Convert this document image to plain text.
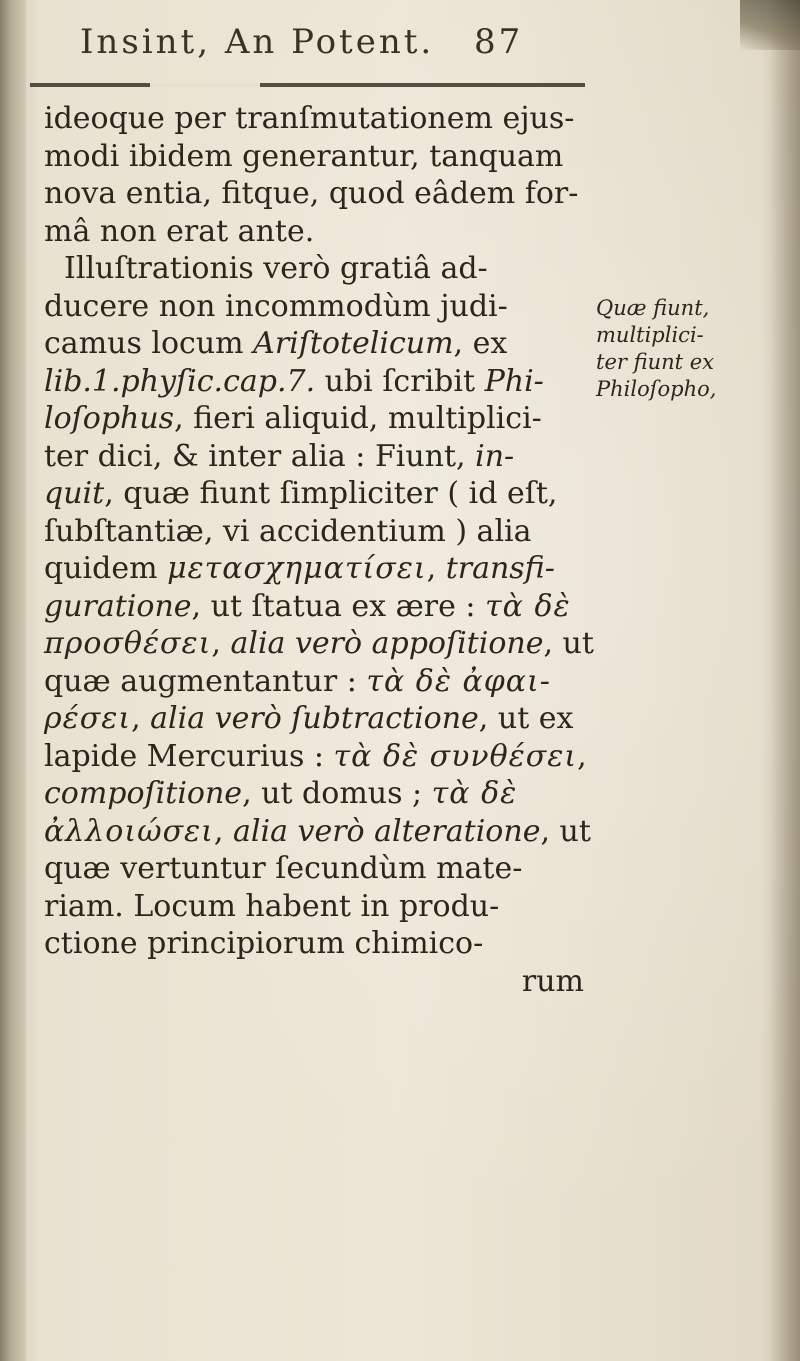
Insint, An Potent. 87
ideoque per tranſmutationem ejus-
modi ibidem generantur, tanquam
nova entia, fitque, quod eâdem for-
mâ non erat ante.
Illuſtrationis verò gratiâ ad-
ducere non incommodùm judi-
camus locum Ariſtotelicum, ex
lib.1.phyſic.cap.7. ubi ſcribit Phi-
loſophus, fieri aliquid, multiplici-
ter dici, & inter alia : Fiunt, in-
quit, quæ fiunt ſimpliciter ( id eſt,
ſubſtantiæ, vi accidentium ) alia
quidem μετασχηματίσει, transfi-
guratione, ut ſtatua ex ære : τὰ δὲ
προσθέσει, alia verò appoſitione, ut
quæ augmentantur : τὰ δὲ ἀφαι-
ρέσει, alia verò ſubtractione, ut ex
lapide Mercurius : τὰ δὲ συνθέσει,
compoſitione, ut domus ; τὰ δὲ
ἀλλοιώσει, alia verò alteratione, ut
quæ vertuntur ſecundùm mate-
riam. Locum habent in produ-
ctione principiorum chimico-
rum
Quæ fiunt,
multiplici-
ter fiunt ex
Philoſopho,
